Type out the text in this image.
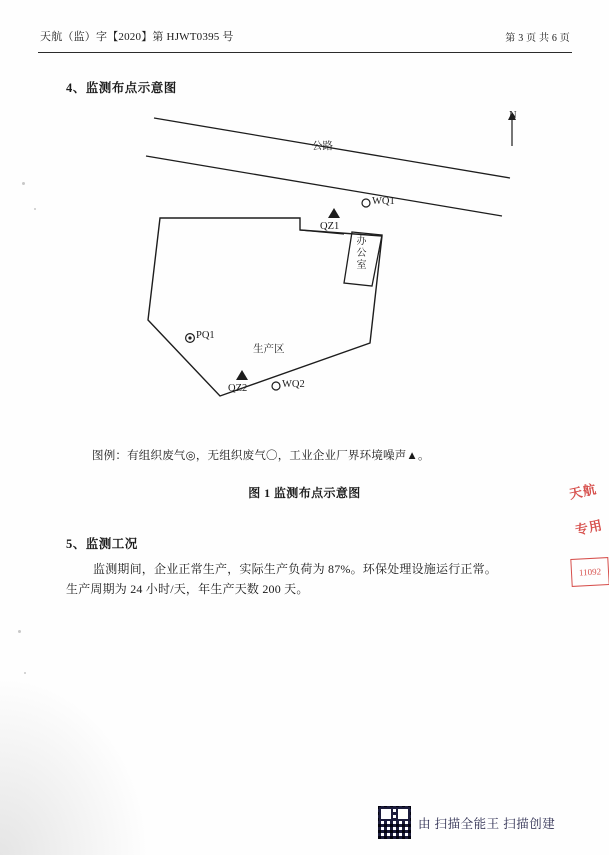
天航（监）字【2020】第 HJWT0395 号	第 3 页 共 6 页
4、监测布点示意图
N
公路
WQ1
QZ1
PQ1
QZ2	WQ2
办公室
生产区
图例：有组织废气◎，无组织废气〇，工业企业厂界环境噪声▲。
图 1 监测布点示意图
5、监测工况
监测期间，企业正常生产，实际生产负荷为 87%。环保处理设施运行正常。
生产周期为 24 小时/天，年生产天数 200 天。
天航
专用
11092
由 扫描全能王 扫描创建
